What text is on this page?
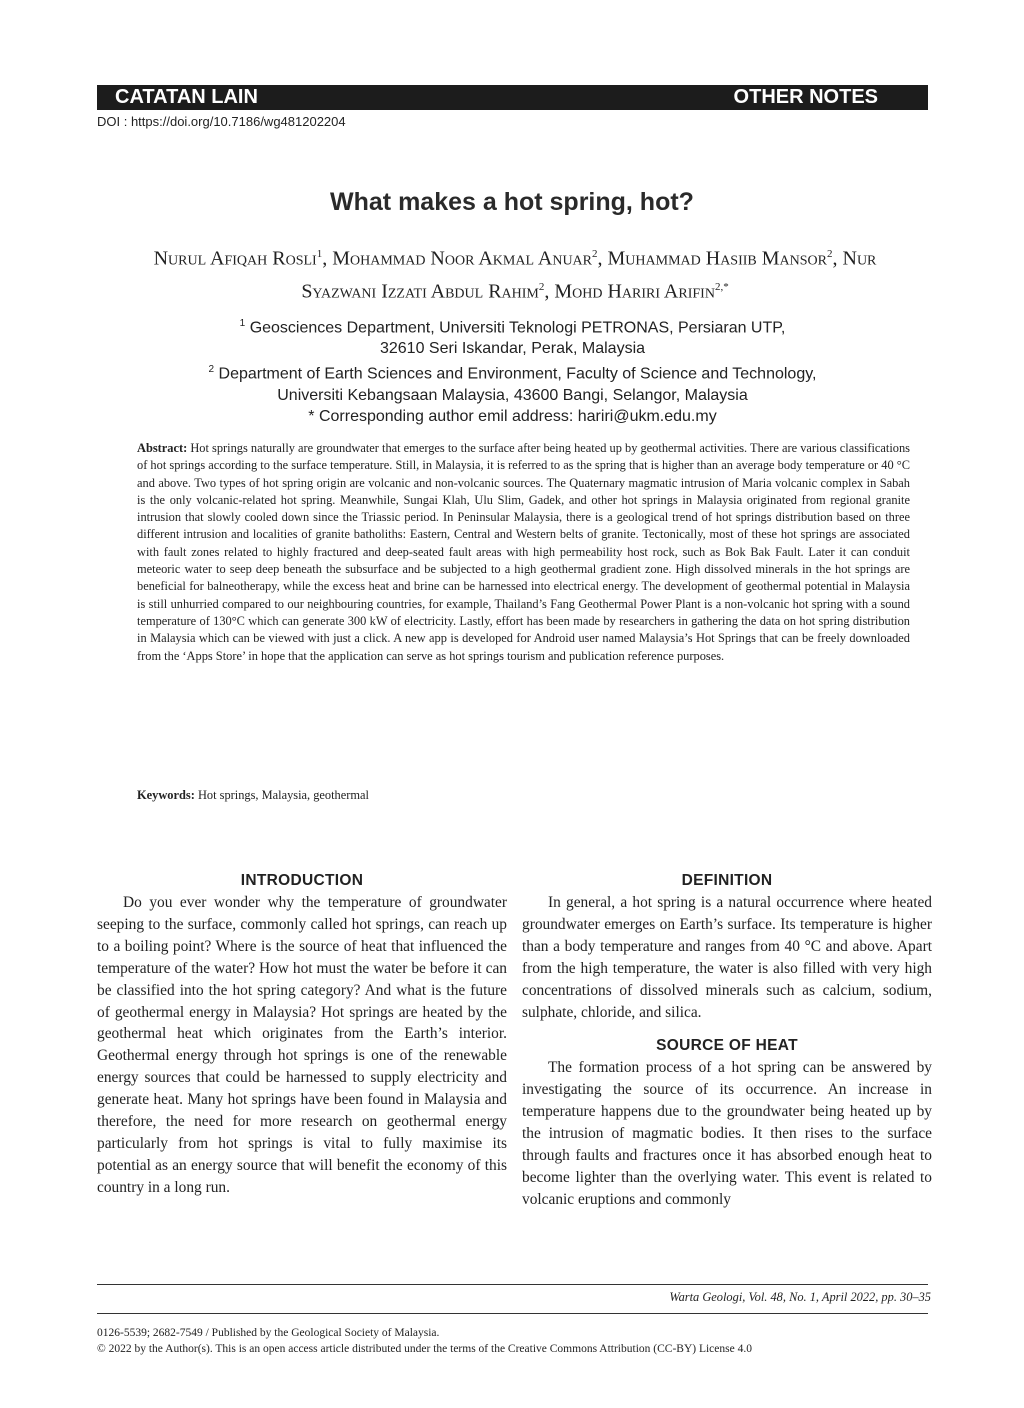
CATATAN LAIN	OTHER NOTES
DOI : https://doi.org/10.7186/wg481202204
What makes a hot spring, hot?
Nurul Afiqah Rosli$^1$, Mohammad Noor Akmal Anuar$^2$, Muhammad Hasiib Mansor$^2$, Nur Syazwani Izzati Abdul Rahim$^2$, Mohd Hariri Arifin$^{2,*}$
$^1$ Geosciences Department, Universiti Teknologi PETRONAS, Persiaran UTP,
32610 Seri Iskandar, Perak, Malaysia
$^2$ Department of Earth Sciences and Environment, Faculty of Science and Technology,
Universiti Kebangsaan Malaysia, 43600 Bangi, Selangor, Malaysia
* Corresponding author emil address: hariri@ukm.edu.my
Abstract: Hot springs naturally are groundwater that emerges to the surface after being heated up by geothermal activities. There are various classifications of hot springs according to the surface temperature. Still, in Malaysia, it is referred to as the spring that is higher than an average body temperature or 40 °C and above. Two types of hot spring origin are volcanic and non-volcanic sources. The Quaternary magmatic intrusion of Maria volcanic complex in Sabah is the only volcanic-related hot spring. Meanwhile, Sungai Klah, Ulu Slim, Gadek, and other hot springs in Malaysia originated from regional granite intrusion that slowly cooled down since the Triassic period. In Peninsular Malaysia, there is a geological trend of hot springs distribution based on three different intrusion and localities of granite batholiths: Eastern, Central and Western belts of granite. Tectonically, most of these hot springs are associated with fault zones related to highly fractured and deep-seated fault areas with high permeability host rock, such as Bok Bak Fault. Later it can conduit meteoric water to seep deep beneath the subsurface and be subjected to a high geothermal gradient zone. High dissolved minerals in the hot springs are beneficial for balneotherapy, while the excess heat and brine can be harnessed into electrical energy. The development of geothermal potential in Malaysia is still unhurried compared to our neighbouring countries, for example, Thailand’s Fang Geothermal Power Plant is a non-volcanic hot spring with a sound temperature of 130°C which can generate 300 kW of electricity. Lastly, effort has been made by researchers in gathering the data on hot spring distribution in Malaysia which can be viewed with just a click. A new app is developed for Android user named Malaysia’s Hot Springs that can be freely downloaded from the ‘Apps Store’ in hope that the application can serve as hot springs tourism and publication reference purposes.
Keywords: Hot springs, Malaysia, geothermal
INTRODUCTION

Do you ever wonder why the temperature of groundwater seeping to the surface, commonly called hot springs, can reach up to a boiling point? Where is the source of heat that influenced the temperature of the water? How hot must the water be before it can be classified into the hot spring category? And what is the future of geothermal energy in Malaysia? Hot springs are heated by the geothermal heat which originates from the Earth’s interior. Geothermal energy through hot springs is one of the renewable energy sources that could be harnessed to supply electricity and generate heat. Many hot springs have been found in Malaysia and therefore, the need for more research on geothermal energy particularly from hot springs is vital to fully maximise its potential as an energy source that will benefit the economy of this country in a long run.

DEFINITION

In general, a hot spring is a natural occurrence where heated groundwater emerges on Earth’s surface. Its temperature is higher than a body temperature and ranges from 40 °C and above. Apart from the high temperature, the water is also filled with very high concentrations of dissolved minerals such as calcium, sodium, sulphate, chloride, and silica.

SOURCE OF HEAT

The formation process of a hot spring can be answered by investigating the source of its occurrence. An increase in temperature happens due to the groundwater being heated up by the intrusion of magmatic bodies. It then rises to the surface through faults and fractures once it has absorbed enough heat to become lighter than the overlying water. This event is related to volcanic eruptions and commonly

Warta Geologi, Vol. 48, No. 1, April 2022, pp. 30–35
0126-5539; 2682-7549 / Published by the Geological Society of Malaysia.
© 2022 by the Author(s). This is an open access article distributed under the terms of the Creative Commons Attribution (CC-BY) License 4.0
